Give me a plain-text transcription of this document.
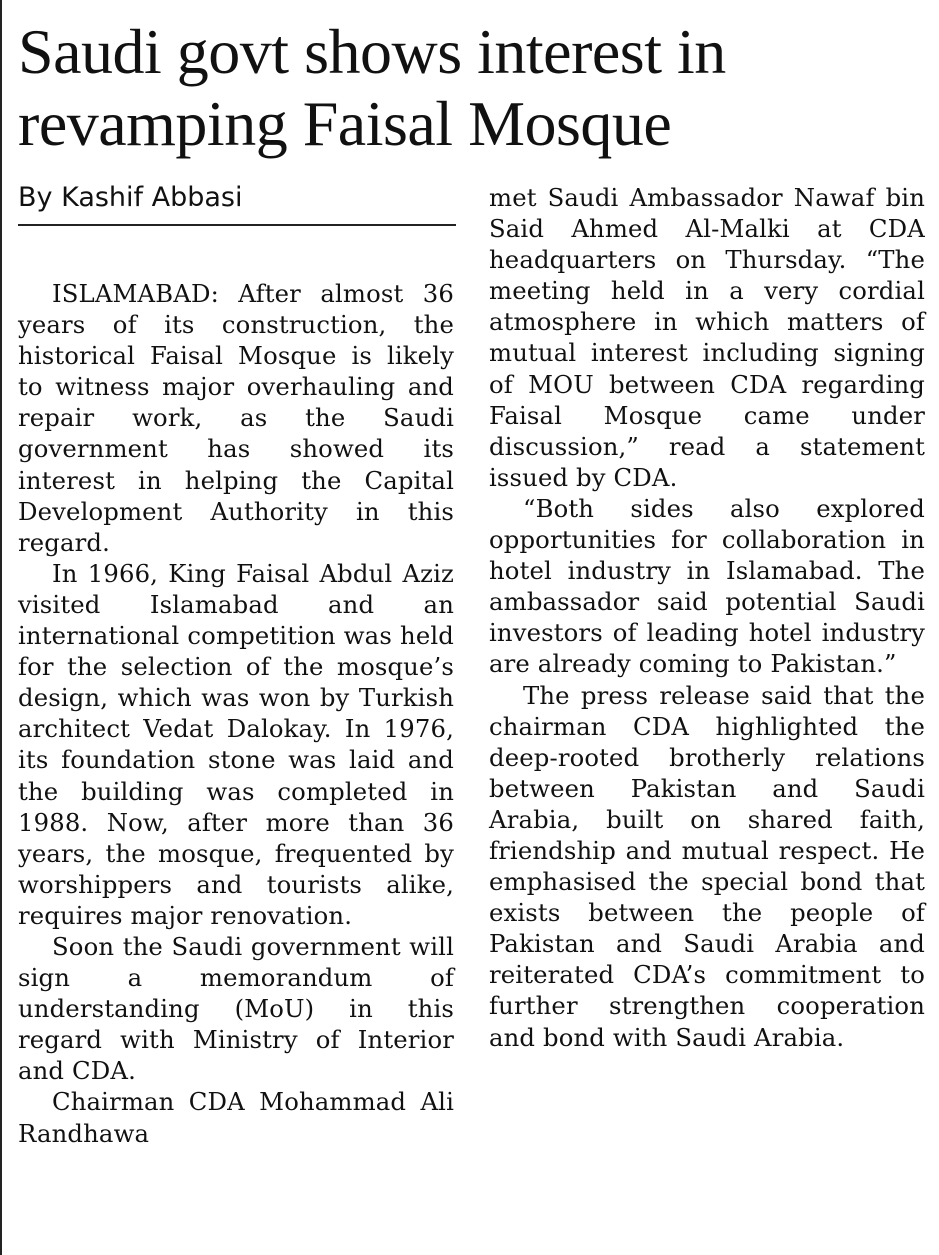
Saudi govt shows interest in revamping Faisal Mosque
By Kashif Abbasi

ISLAMABAD: After almost 36 years of its construction, the historical Faisal Mosque is likely to witness major overhauling and repair work, as the Saudi government has showed its interest in helping the Capital Development Authority in this regard.

In 1966, King Faisal Abdul Aziz visited Islamabad and an international competition was held for the selection of the mosque’s design, which was won by Turkish architect Vedat Dalokay. In 1976, its foundation stone was laid and the building was completed in 1988. Now, after more than 36 years, the mosque, frequented by worshippers and tourists alike, requires major renovation.

Soon the Saudi government will sign a memorandum of understanding (MoU) in this regard with Ministry of Interior and CDA.

Chairman CDA Mohammad Ali Randhawa

met Saudi Ambassador Nawaf bin Said Ahmed Al-Malki at CDA headquarters on Thursday. “The meeting held in a very cordial atmosphere in which matters of mutual interest including signing of MOU between CDA regarding Faisal Mosque came under discussion,” read a statement issued by CDA.

“Both sides also explored opportunities for collaboration in hotel industry in Islamabad. The ambassador said potential Saudi investors of leading hotel industry are already coming to Pakistan.”

The press release said that the chairman CDA highlighted the deep-rooted brotherly relations between Pakistan and Saudi Arabia, built on shared faith, friendship and mutual respect. He emphasised the special bond that exists between the people of Pakistan and Saudi Arabia and reiterated CDA’s commitment to further strengthen cooperation and bond with Saudi Arabia.
